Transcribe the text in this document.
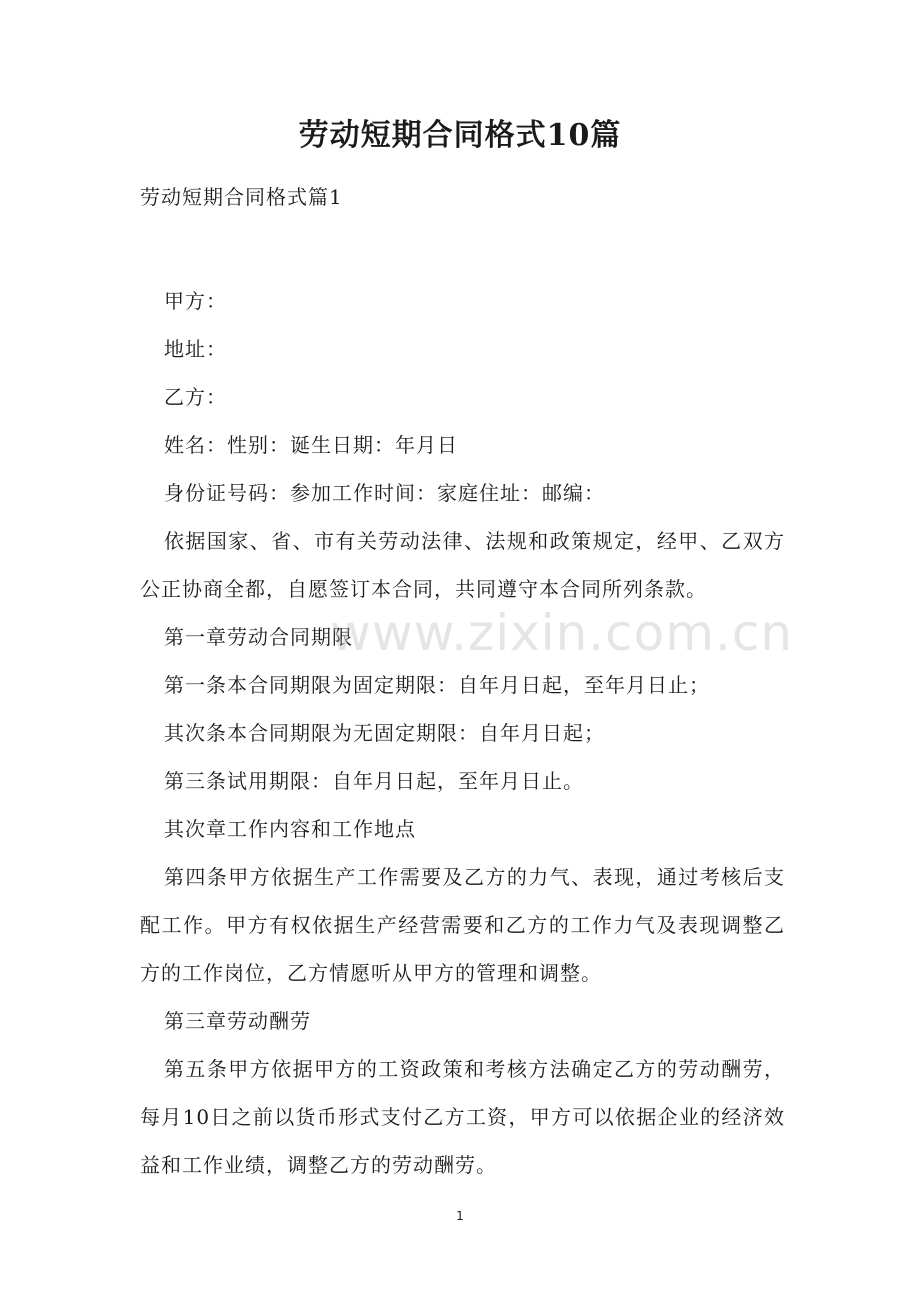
劳动短期合同格式10篇
劳动短期合同格式篇1

甲方：

地址：

乙方：

姓名：性别：诞生日期：年月日

身份证号码：参加工作时间：家庭住址：邮编：

依据国家、省、市有关劳动法律、法规和政策规定，经甲、乙双方公正协商全都，自愿签订本合同，共同遵守本合同所列条款。

第一章劳动合同期限

第一条本合同期限为固定期限：自年月日起，至年月日止；

其次条本合同期限为无固定期限：自年月日起；

第三条试用期限：自年月日起，至年月日止。

其次章工作内容和工作地点

第四条甲方依据生产工作需要及乙方的力气、表现，通过考核后支配工作。甲方有权依据生产经营需要和乙方的工作力气及表现调整乙方的工作岗位，乙方情愿听从甲方的管理和调整。

第三章劳动酬劳

第五条甲方依据甲方的工资政策和考核方法确定乙方的劳动酬劳，每月10日之前以货币形式支付乙方工资，甲方可以依据企业的经济效益和工作业绩，调整乙方的劳动酬劳。

www.zixin.com.cn
1
